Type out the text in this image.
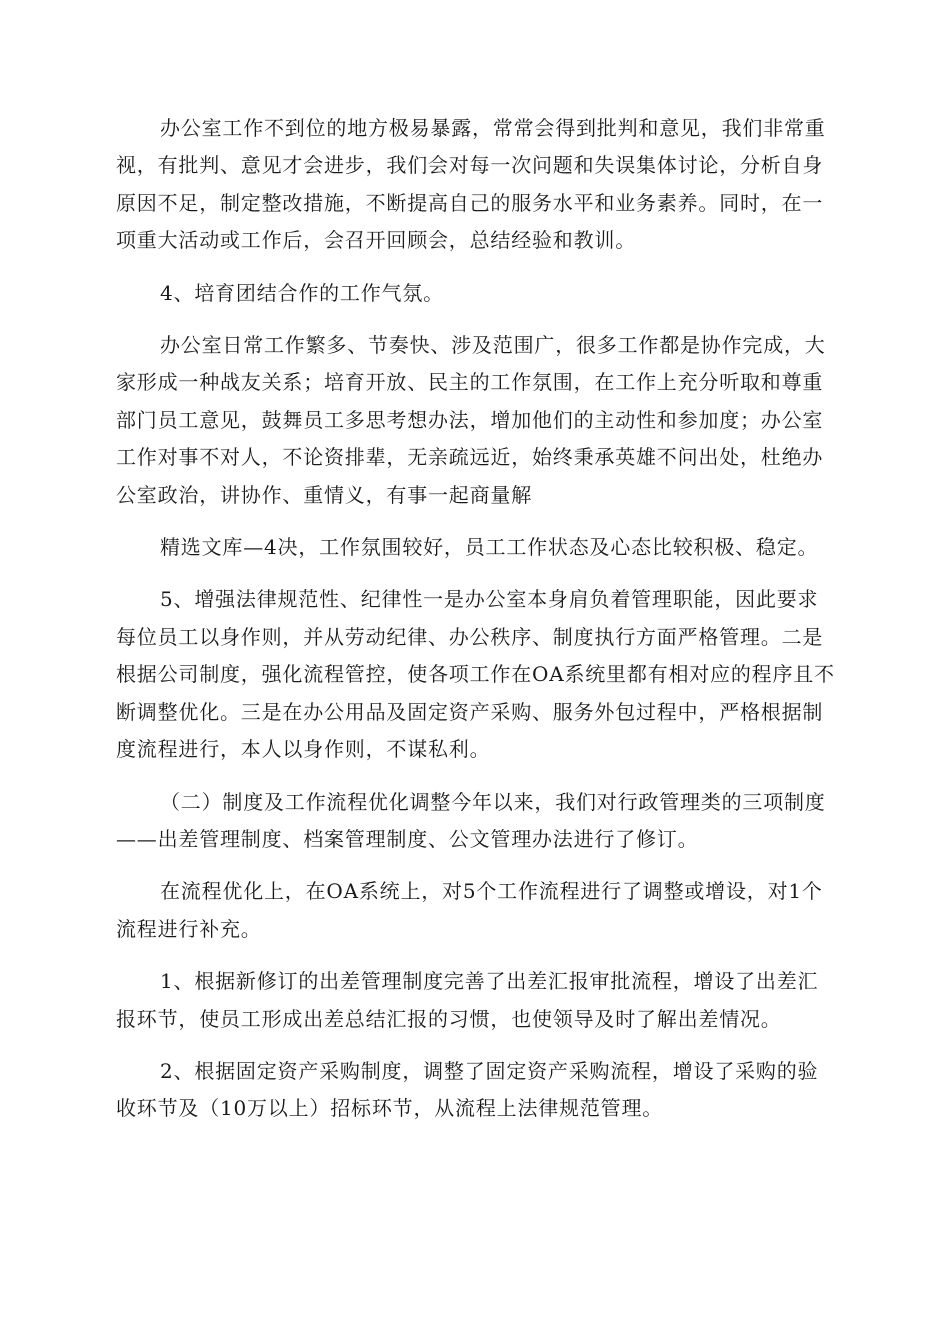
办公室工作不到位的地方极易暴露，常常会得到批判和意见，我们非常重视，有批判、意见才会进步，我们会对每一次问题和失误集体讨论，分析自身原因不足，制定整改措施，不断提高自己的服务水平和业务素养。同时，在一项重大活动或工作后，会召开回顾会，总结经验和教训。

4、培育团结合作的工作气氛。

办公室日常工作繁多、节奏快、涉及范围广，很多工作都是协作完成，大家形成一种战友关系；培育开放、民主的工作氛围，在工作上充分听取和尊重部门员工意见，鼓舞员工多思考想办法，增加他们的主动性和参加度；办公室工作对事不对人，不论资排辈，无亲疏远近，始终秉承英雄不问出处，杜绝办公室政治，讲协作、重情义，有事一起商量解

精选文库—4决，工作氛围较好，员工工作状态及心态比较积极、稳定。

5、增强法律规范性、纪律性一是办公室本身肩负着管理职能，因此要求每位员工以身作则，并从劳动纪律、办公秩序、制度执行方面严格管理。二是根据公司制度，强化流程管控，使各项工作在OA系统里都有相对应的程序且不断调整优化。三是在办公用品及固定资产采购、服务外包过程中，严格根据制度流程进行，本人以身作则，不谋私利。

（二）制度及工作流程优化调整今年以来，我们对行政管理类的三项制度——出差管理制度、档案管理制度、公文管理办法进行了修订。

在流程优化上，在OA系统上，对5个工作流程进行了调整或增设，对1个流程进行补充。

1、根据新修订的出差管理制度完善了出差汇报审批流程，增设了出差汇报环节，使员工形成出差总结汇报的习惯，也使领导及时了解出差情况。

2、根据固定资产采购制度，调整了固定资产采购流程，增设了采购的验收环节及（10万以上）招标环节，从流程上法律规范管理。
